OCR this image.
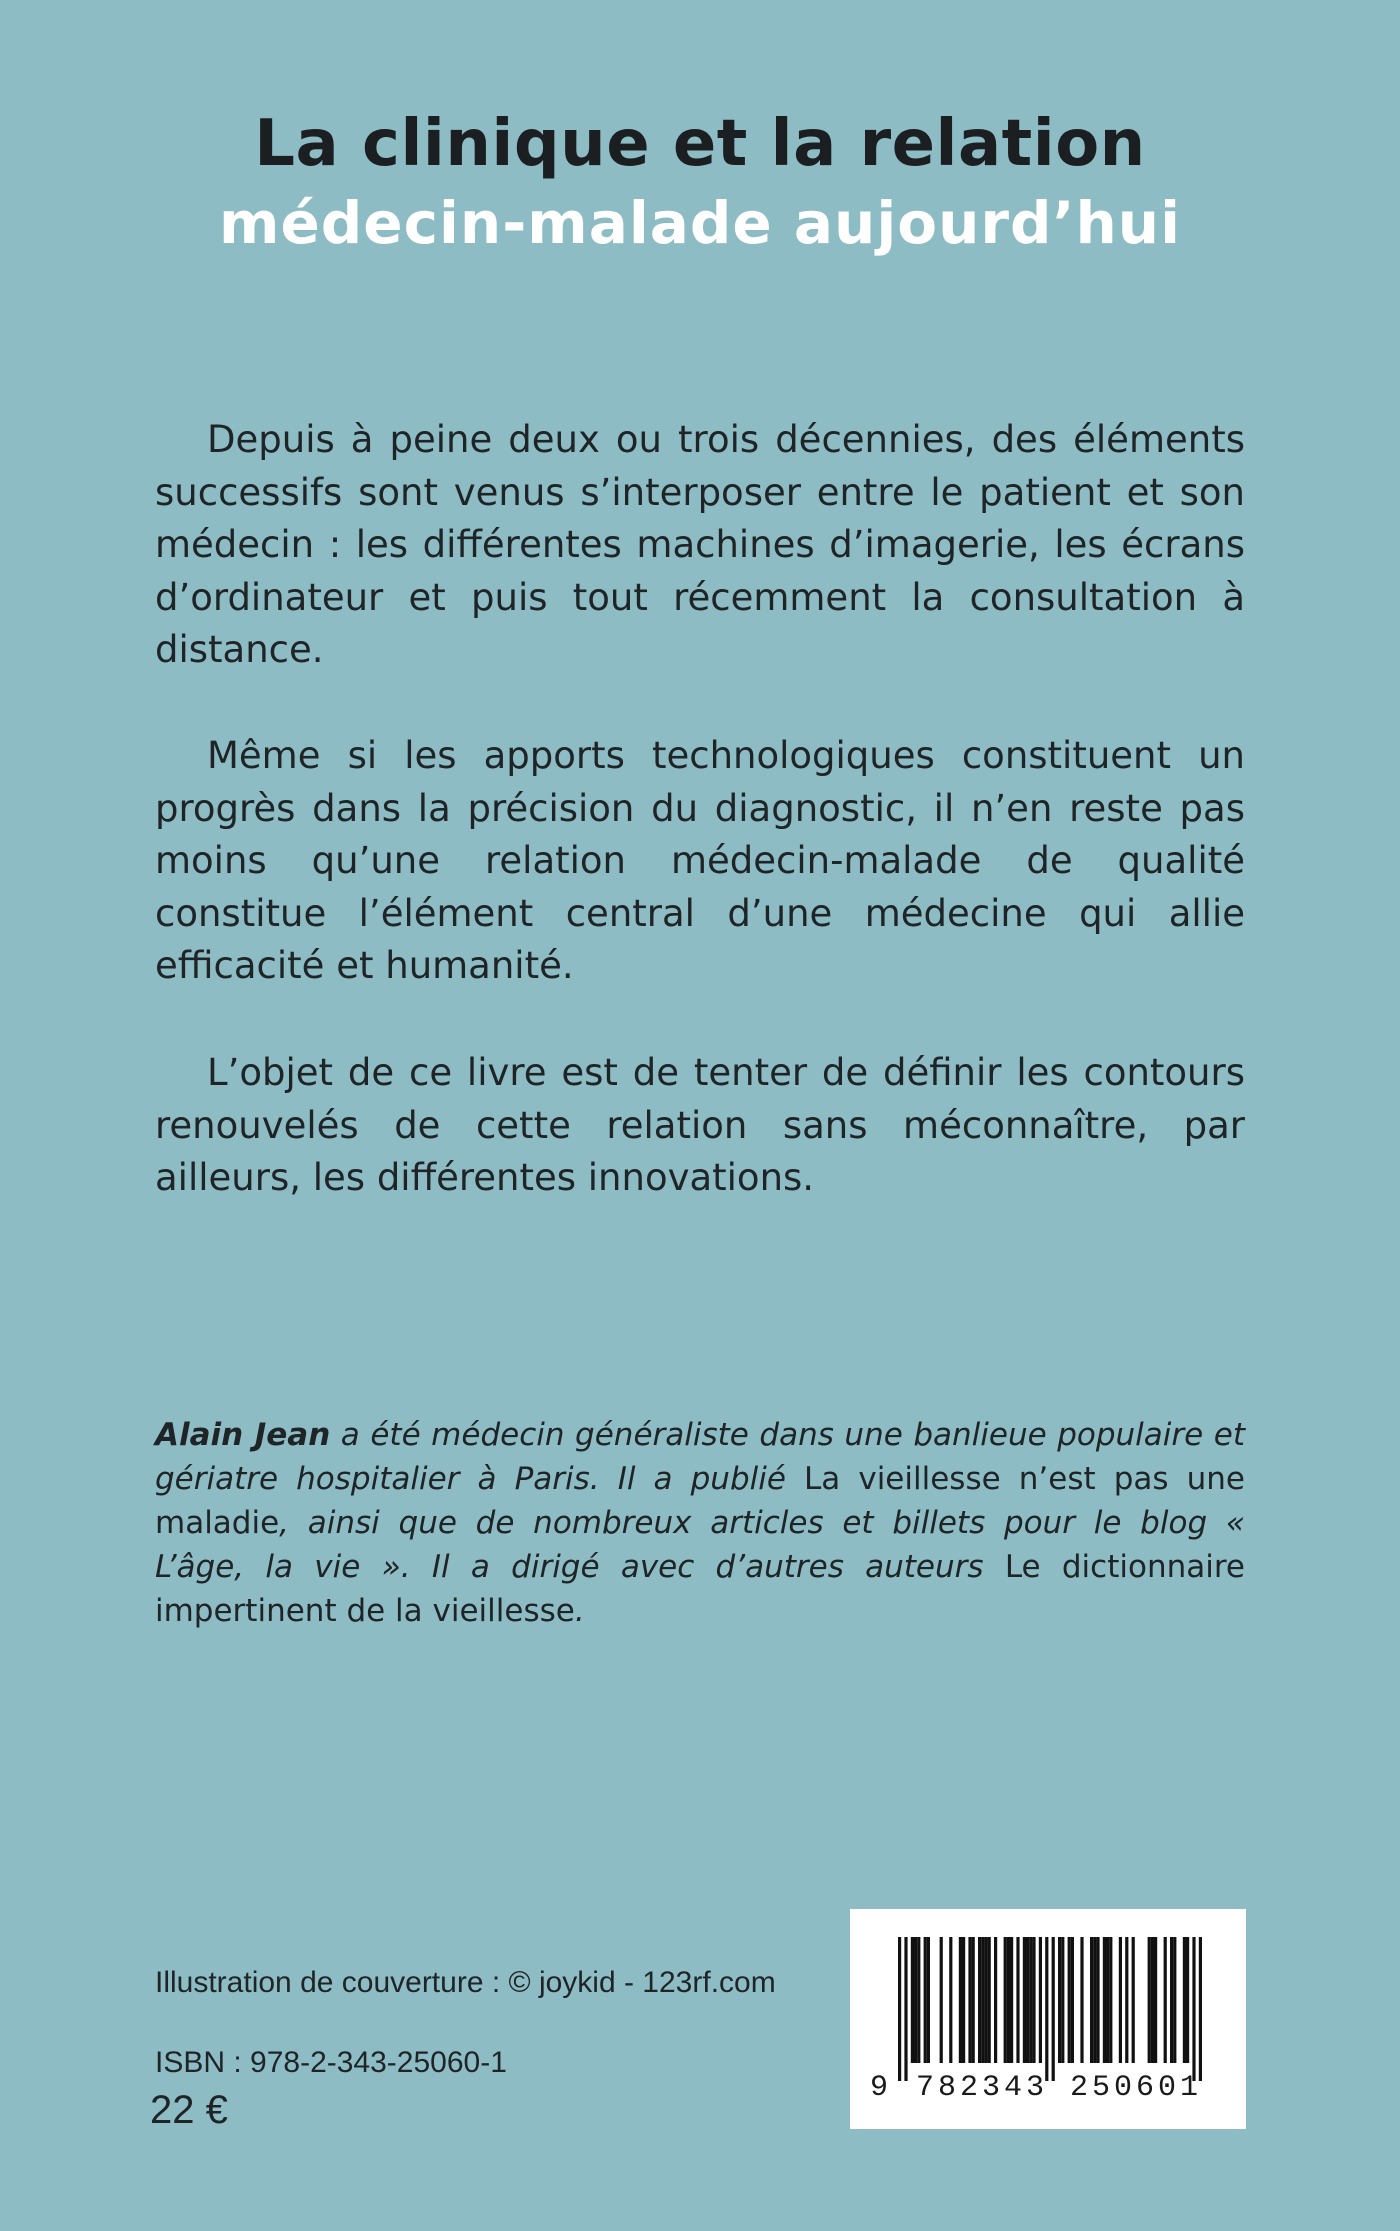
La clinique et la relation
médecin-malade aujourd’hui

Depuis à peine deux ou trois décennies, des éléments successifs sont venus s’interposer entre le patient et son médecin : les différentes machines d’imagerie, les écrans d’ordinateur et puis tout récemment la consultation à distance.

Même si les apports technologiques constituent un progrès dans la précision du diagnostic, il n’en reste pas moins qu’une relation médecin-malade de qualité constitue l’élément central d’une médecine qui allie efficacité et humanité.

L’objet de ce livre est de tenter de définir les contours renouvelés de cette relation sans méconnaître, par ailleurs, les différentes innovations.

Alain Jean a été médecin généraliste dans une banlieue populaire et gériatre hospitalier à Paris. Il a publié La vieillesse n’est pas une maladie, ainsi que de nombreux articles et billets pour le blog « L’âge, la vie ». Il a dirigé avec d’autres auteurs Le dictionnaire impertinent de la vieillesse.
Illustration de couverture : © joykid - 123rf.com
ISBN : 978-2-343-25060-1
22 €	9 782343 250601
